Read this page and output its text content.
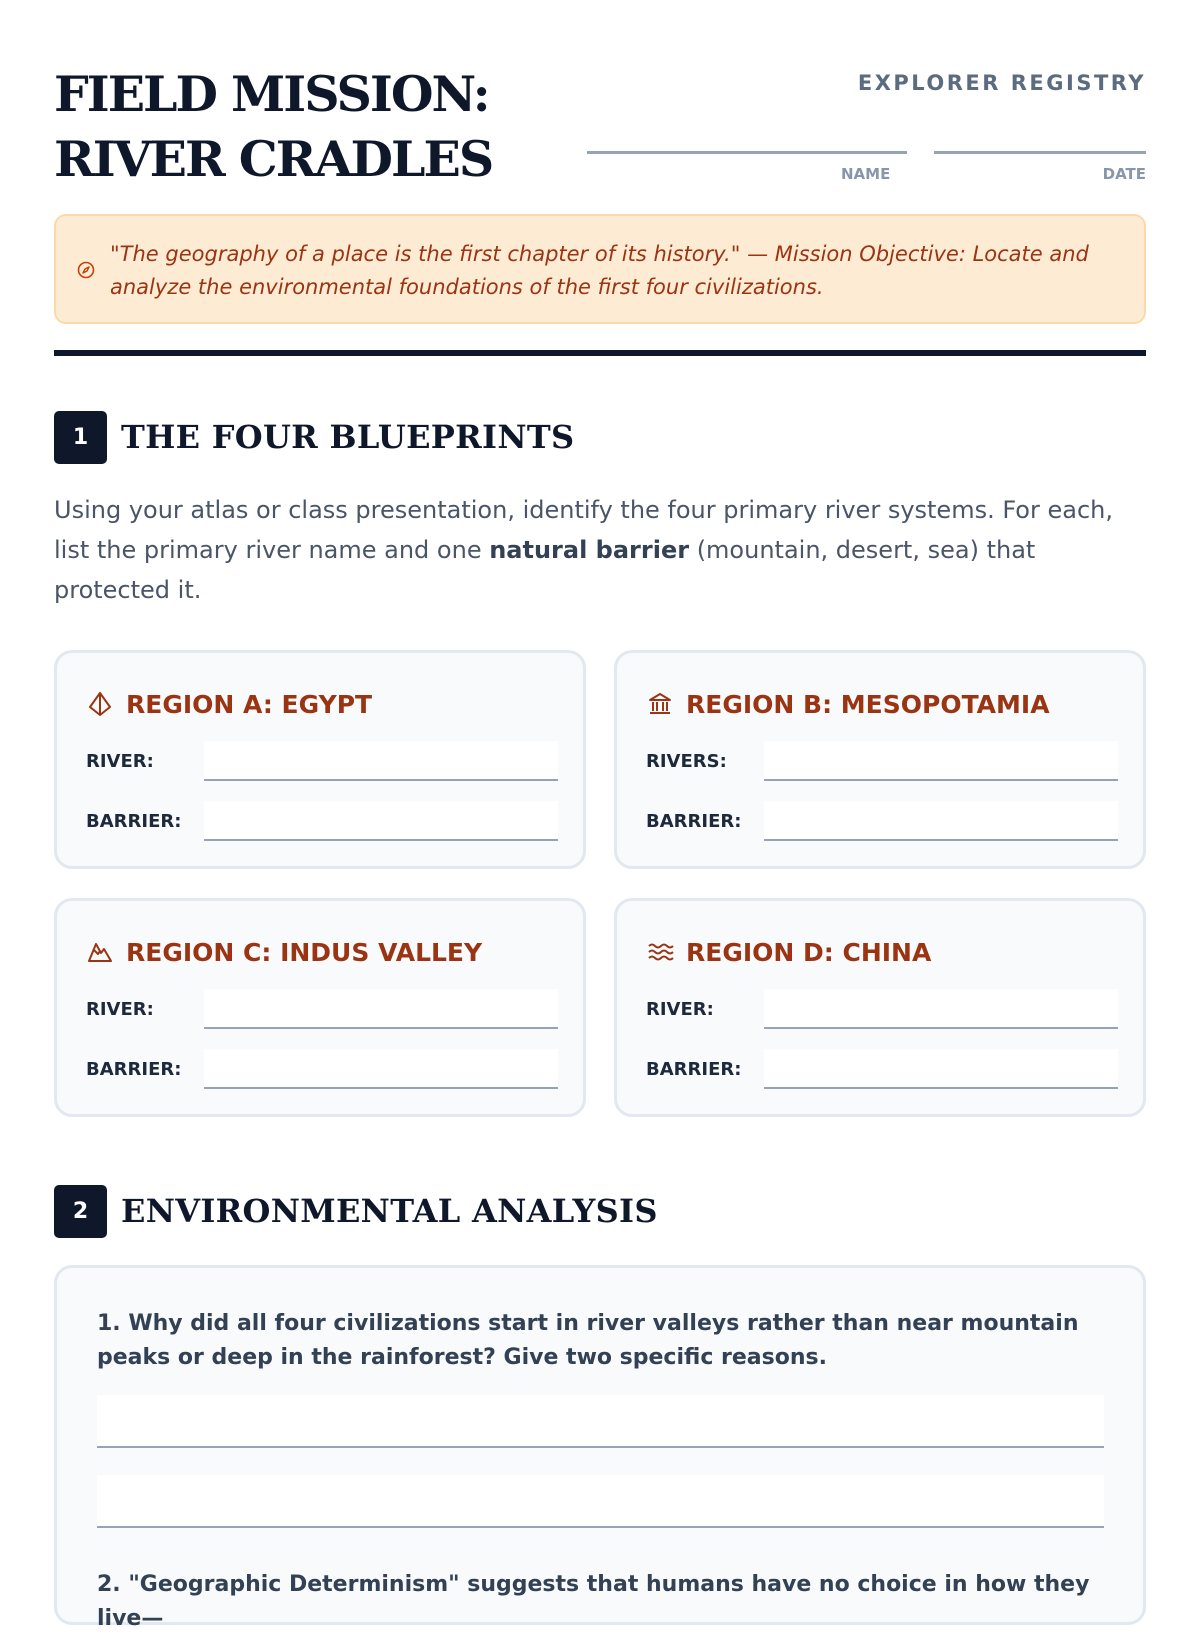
FIELD MISSION:
RIVER CRADLES
EXPLORER REGISTRY
NAME	DATE
"The geography of a place is the first chapter of its history." — Mission Objective: Locate and analyze the environmental foundations of the first four civilizations.
1	THE FOUR BLUEPRINTS

Using your atlas or class presentation, identify the four primary river systems. For each, list the primary river name and one natural barrier (mountain, desert, sea) that protected it.

REGION A: EGYPT
RIVER:
BARRIER:
REGION B: MESOPOTAMIA
RIVERS:
BARRIER:
REGION C: INDUS VALLEY
RIVER:
BARRIER:
REGION D: CHINA
RIVER:
BARRIER:
2	ENVIRONMENTAL ANALYSIS
1. Why did all four civilizations start in river valleys rather than near mountain peaks or deep in the rainforest? Give two specific reasons.
2. "Geographic Determinism" suggests that humans have no choice in how they live—
